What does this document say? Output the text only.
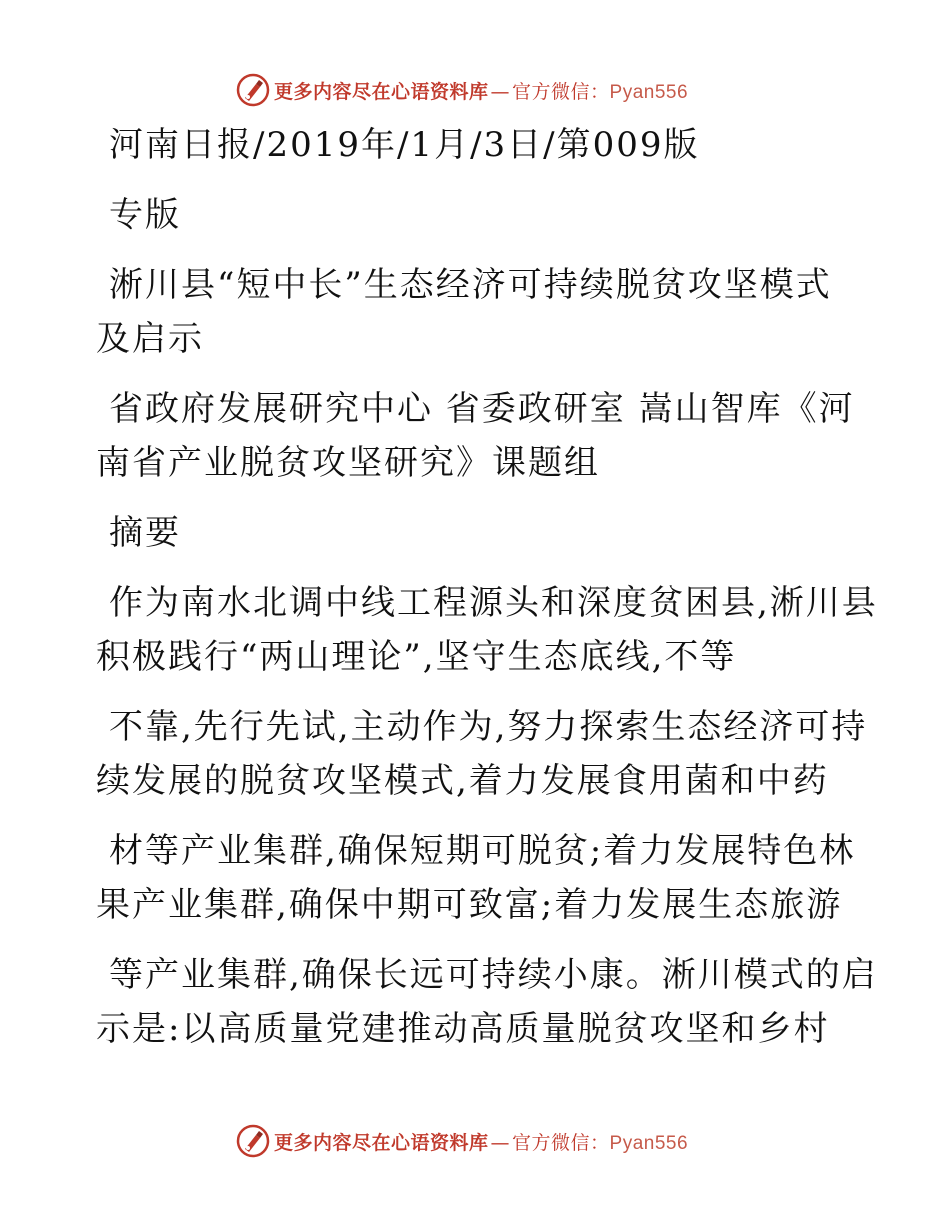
更多内容尽在心语资料库 — 官方微信：Pyan556
河南日报/2019年/1月/3日/第009版
专版
淅川县“短中长”生态经济可持续脱贫攻坚模式
及启示
省政府发展研究中心 省委政研室 嵩山智库《河
南省产业脱贫攻坚研究》课题组
摘要
作为南水北调中线工程源头和深度贫困县,淅川县
积极践行“两山理论”,坚守生态底线,不等
不靠,先行先试,主动作为,努力探索生态经济可持
续发展的脱贫攻坚模式,着力发展食用菌和中药
材等产业集群,确保短期可脱贫;着力发展特色林
果产业集群,确保中期可致富;着力发展生态旅游
等产业集群,确保长远可持续小康。淅川模式的启
示是:以高质量党建推动高质量脱贫攻坚和乡村
更多内容尽在心语资料库 — 官方微信：Pyan556
